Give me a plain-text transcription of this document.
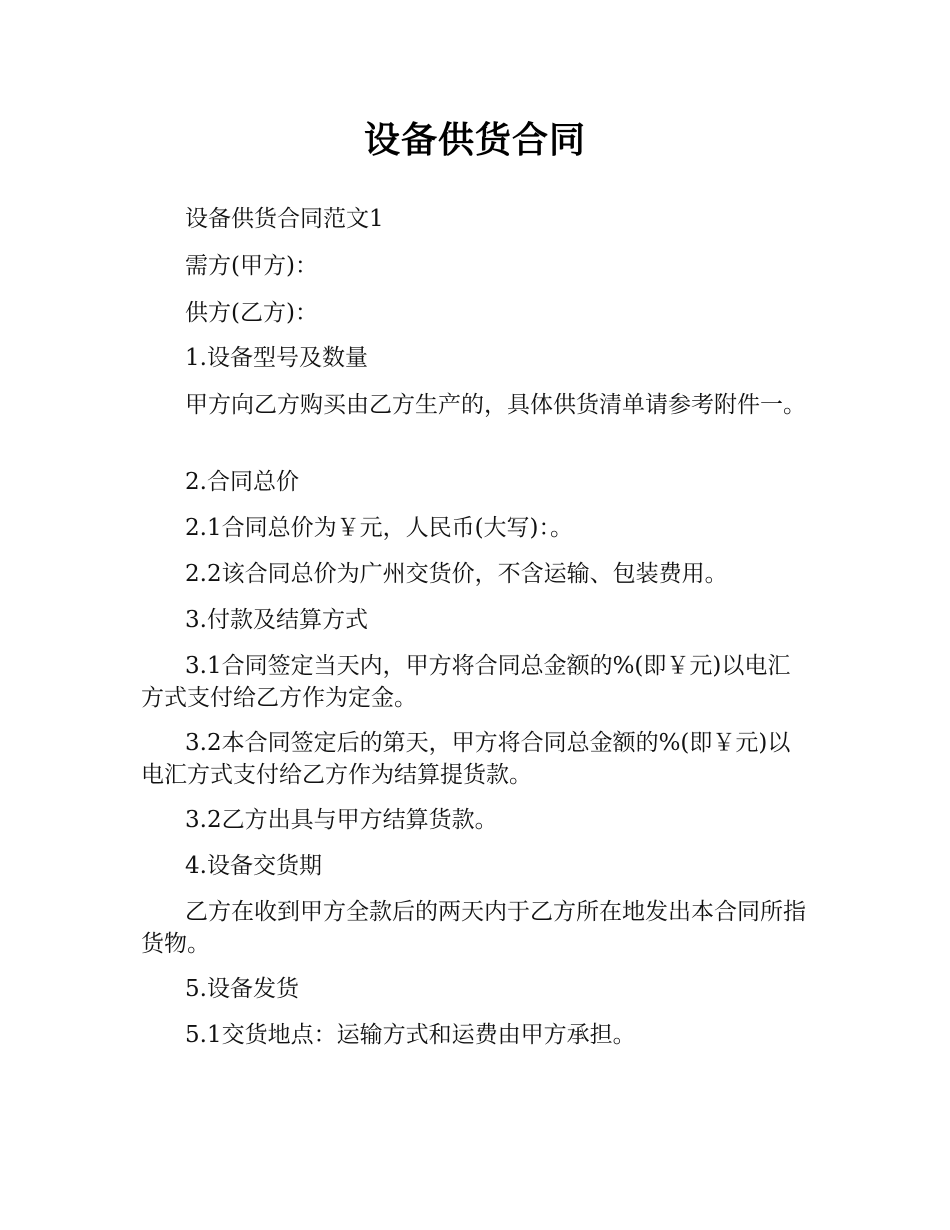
设备供货合同

设备供货合同范文1

需方(甲方)：

供方(乙方)：

1.设备型号及数量

甲方向乙方购买由乙方生产的，具体供货清单请参考附件一。

2.合同总价

2.1合同总价为￥元，人民币(大写)：。

2.2该合同总价为广州交货价，不含运输、包装费用。

3.付款及结算方式

3.1合同签定当天内，甲方将合同总金额的%(即￥元)以电汇方式支付给乙方作为定金。

3.2本合同签定后的第天，甲方将合同总金额的%(即￥元)以电汇方式支付给乙方作为结算提货款。

3.2乙方出具与甲方结算货款。

4.设备交货期

乙方在收到甲方全款后的两天内于乙方所在地发出本合同所指货物。

5.设备发货

5.1交货地点：运输方式和运费由甲方承担。
